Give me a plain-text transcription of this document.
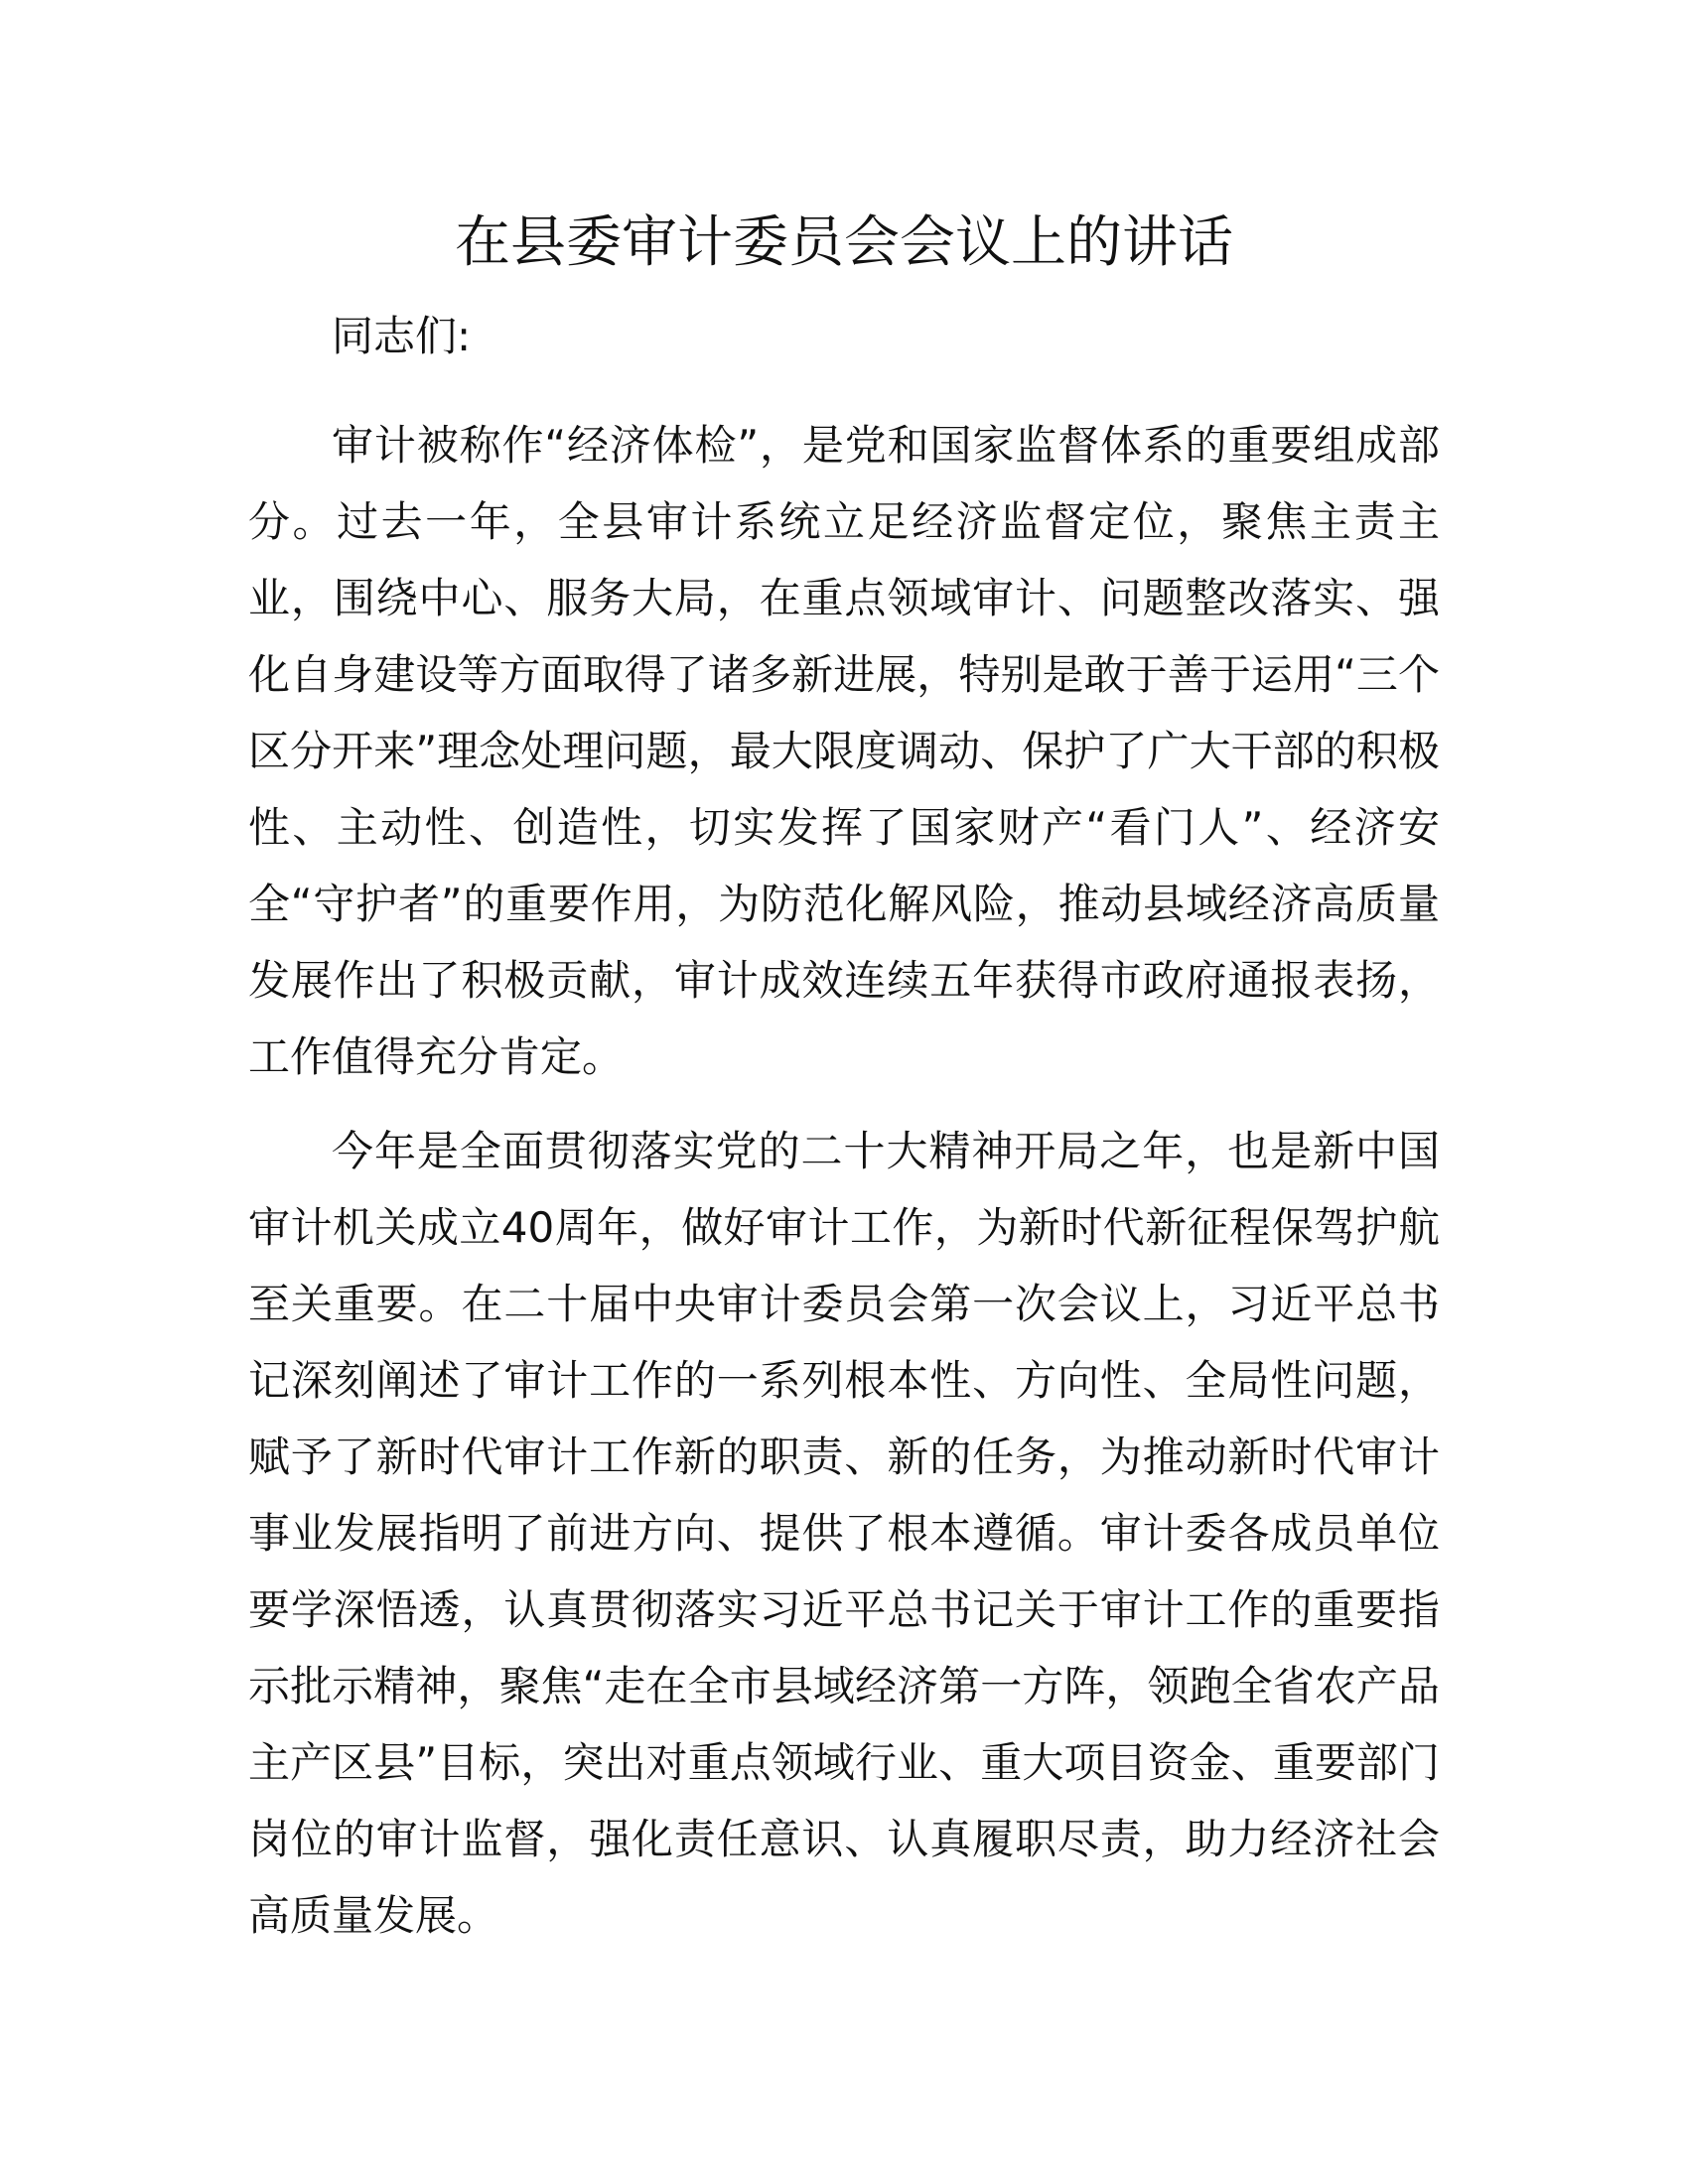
在县委审计委员会会议上的讲话

同志们:

审计被称作“经济体检”，是党和国家监督体系的重要组成部分。过去一年，全县审计系统立足经济监督定位，聚焦主责主业，围绕中心、服务大局，在重点领域审计、问题整改落实、强化自身建设等方面取得了诸多新进展，特别是敢于善于运用“三个区分开来”理念处理问题，最大限度调动、保护了广大干部的积极性、主动性、创造性，切实发挥了国家财产“看门人”、经济安全“守护者”的重要作用，为防范化解风险，推动县域经济高质量发展作出了积极贡献，审计成效连续五年获得市政府通报表扬，工作值得充分肯定。

今年是全面贯彻落实党的二十大精神开局之年，也是新中国审计机关成立40周年，做好审计工作，为新时代新征程保驾护航至关重要。在二十届中央审计委员会第一次会议上，习近平总书记深刻阐述了审计工作的一系列根本性、方向性、全局性问题，赋予了新时代审计工作新的职责、新的任务，为推动新时代审计事业发展指明了前进方向、提供了根本遵循。审计委各成员单位要学深悟透，认真贯彻落实习近平总书记关于审计工作的重要指示批示精神，聚焦“走在全市县域经济第一方阵，领跑全省农产品主产区县”目标，突出对重点领域行业、重大项目资金、重要部门岗位的审计监督，强化责任意识、认真履职尽责，助力经济社会高质量发展。
